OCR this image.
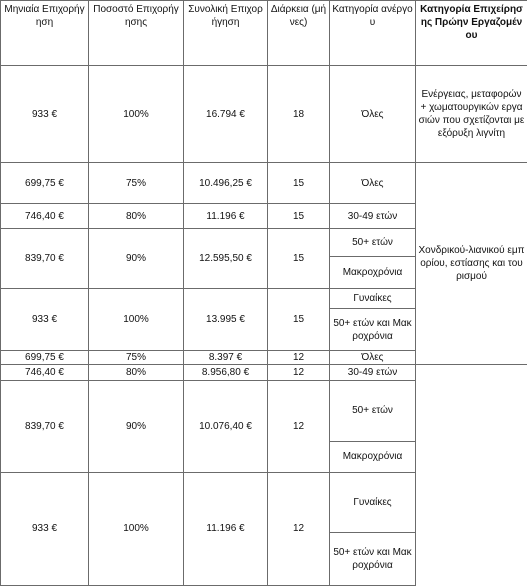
Μηνιαία Επιχορήγηση	Ποσοστό Επιχορήγησης	Συνολική Επιχορήγηση	Διάρκεια (μήνες)	Κατηγορία ανέργου	Κατηγορία Επιχείρησης Πρώην Εργαζομένου	
933 €	100%	16.794 €	18	Όλες	Ενέργειας, μεταφορών + χωματουργικών εργασιών που σχετίζονται με εξόρυξη λιγνίτη	
699,75 €	75%	10.496,25 €	15	Όλες	Χονδρικού-λιανικού εμπορίου, εστίασης και τουρισμού	
746,40 €	80%	11.196 €	15	30-49 ετών		
839,70 €	90%	12.595,50 €	15	50+ ετών		
				Μακροχρόνια		
933 €	100%	13.995 €	15	Γυναίκες		
				50+ ετών και Μακροχρόνια		
699,75 €	75%	8.397 €	12	Όλες	
746,40 €	80%	8.956,80 €	12	30-49 ετών		
839,70 €	90%	10.076,40 €	12	50+ ετών		
				Μακροχρόνια		
933 €	100%	11.196 €	12	Γυναίκες		
				50+ ετών και Μακροχρόνια		
